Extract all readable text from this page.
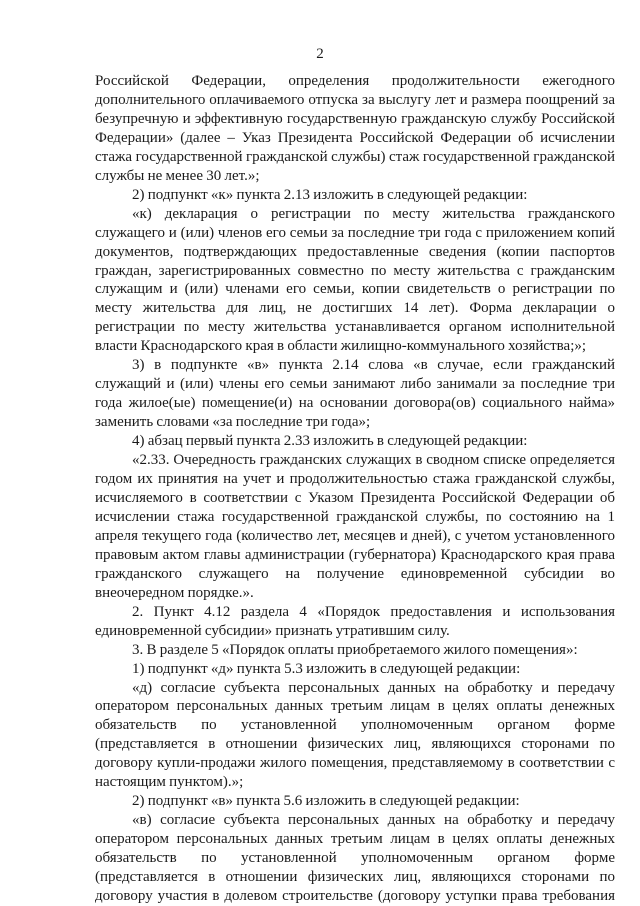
2

Российской Федерации, определения продолжительности ежегодного дополнительного оплачиваемого отпуска за выслугу лет и размера поощрений за безупречную и эффективную государственную гражданскую службу Российской Федерации» (далее – Указ Президента Российской Федерации об исчислении стажа государственной гражданской службы) стаж государственной гражданской службы не менее 30 лет.»;

2) подпункт «к» пункта 2.13 изложить в следующей редакции:

«к) декларация о регистрации по месту жительства гражданского служащего и (или) членов его семьи за последние три года с приложением копий документов, подтверждающих предоставленные сведения (копии паспортов граждан, зарегистрированных совместно по месту жительства с гражданским служащим и (или) членами его семьи, копии свидетельств о регистрации по месту жительства для лиц, не достигших 14 лет). Форма декларации о регистрации по месту жительства устанавливается органом исполнительной власти Краснодарского края в области жилищно-коммунального хозяйства;»;

3) в подпункте «в» пункта 2.14 слова «в случае, если гражданский служащий и (или) члены его семьи занимают либо занимали за последние три года жилое(ые) помещение(и) на основании договора(ов) социального найма» заменить словами «за последние три года»;

4) абзац первый пункта 2.33 изложить в следующей редакции:

«2.33. Очередность гражданских служащих в сводном списке определяется годом их принятия на учет и продолжительностью стажа гражданской службы, исчисляемого в соответствии с Указом Президента Российской Федерации об исчислении стажа государственной гражданской службы, по состоянию на 1 апреля текущего года (количество лет, месяцев и дней), с учетом установленного правовым актом главы администрации (губернатора) Краснодарского края права гражданского служащего на получение единовременной субсидии во внеочередном порядке.».

2. Пункт 4.12 раздела 4 «Порядок предоставления и использования единовременной субсидии» признать утратившим силу.

3. В разделе 5 «Порядок оплаты приобретаемого жилого помещения»:

1) подпункт «д» пункта 5.3 изложить в следующей редакции:

«д) согласие субъекта персональных данных на обработку и передачу оператором персональных данных третьим лицам в целях оплаты денежных обязательств по установленной уполномоченным органом форме (представляется в отношении физических лиц, являющихся сторонами по договору купли-продажи жилого помещения, представляемому в соответствии с настоящим пунктом).»;

2) подпункт «в» пункта 5.6 изложить в следующей редакции:

«в) согласие субъекта персональных данных на обработку и передачу оператором персональных данных третьим лицам в целях оплаты денежных обязательств по установленной уполномоченным органом форме (представляется в отношении физических лиц, являющихся сторонами по договору участия в долевом строительстве (договору уступки права требования
